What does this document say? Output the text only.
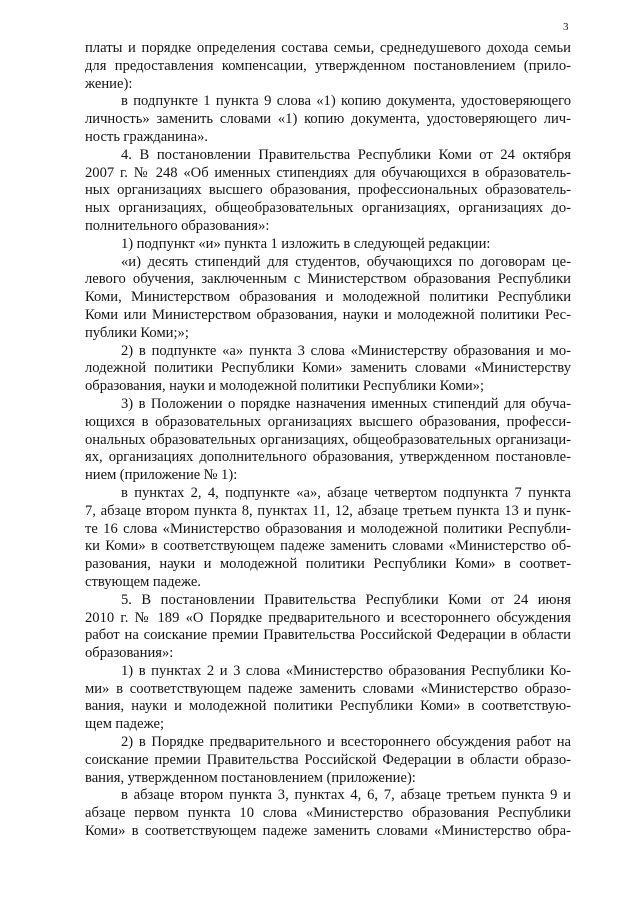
3

платы и порядке определения состава семьи, среднедушевого дохода семьи
для предоставления компенсации, утвержденном постановлением (прило-
жение):

в подпункте 1 пункта 9 слова «1) копию документа, удостоверяющего
личность» заменить словами «1) копию документа, удостоверяющего лич-
ность гражданина».

4. В постановлении Правительства Республики Коми от 24 октября
2007 г. № 248 «Об именных стипендиях для обучающихся в образователь-
ных организациях высшего образования, профессиональных образователь-
ных организациях, общеобразовательных организациях, организациях до-
полнительного образования»:

1) подпункт «и» пункта 1 изложить в следующей редакции:

«и) десять стипендий для студентов, обучающихся по договорам це-
левого обучения, заключенным с Министерством образования Республики
Коми, Министерством образования и молодежной политики Республики
Коми или Министерством образования, науки и молодежной политики Рес-
публики Коми;»;

2) в подпункте «а» пункта 3 слова «Министерству образования и мо-
лодежной политики Республики Коми» заменить словами «Министерству
образования, науки и молодежной политики Республики Коми»;

3) в Положении о порядке назначения именных стипендий для обуча-
ющихся в образовательных организациях высшего образования, професси-
ональных образовательных организациях, общеобразовательных организаци-
ях, организациях дополнительного образования, утвержденном постановле-
нием (приложение № 1):

в пунктах 2, 4, подпункте «а», абзаце четвертом подпункта 7 пункта
7, абзаце втором пункта 8, пунктах 11, 12, абзаце третьем пункта 13 и пунк-
те 16 слова «Министерство образования и молодежной политики Республи-
ки Коми» в соответствующем падеже заменить словами «Министерство об-
разования, науки и молодежной политики Республики Коми» в соответ-
ствующем падеже.

5. В постановлении Правительства Республики Коми от 24 июня
2010 г. № 189 «О Порядке предварительного и всестороннего обсуждения
работ на соискание премии Правительства Российской Федерации в области
образования»:

1) в пунктах 2 и 3 слова «Министерство образования Республики Ко-
ми» в соответствующем падеже заменить словами «Министерство образо-
вания, науки и молодежной политики Республики Коми» в соответствую-
щем падеже;

2) в Порядке предварительного и всестороннего обсуждения работ на
соискание премии Правительства Российской Федерации в области образо-
вания, утвержденном постановлением (приложение):

в абзаце втором пункта 3, пунктах 4, 6, 7, абзаце третьем пункта 9 и
абзаце первом пункта 10 слова «Министерство образования Республики
Коми» в соответствующем падеже заменить словами «Министерство обра-
